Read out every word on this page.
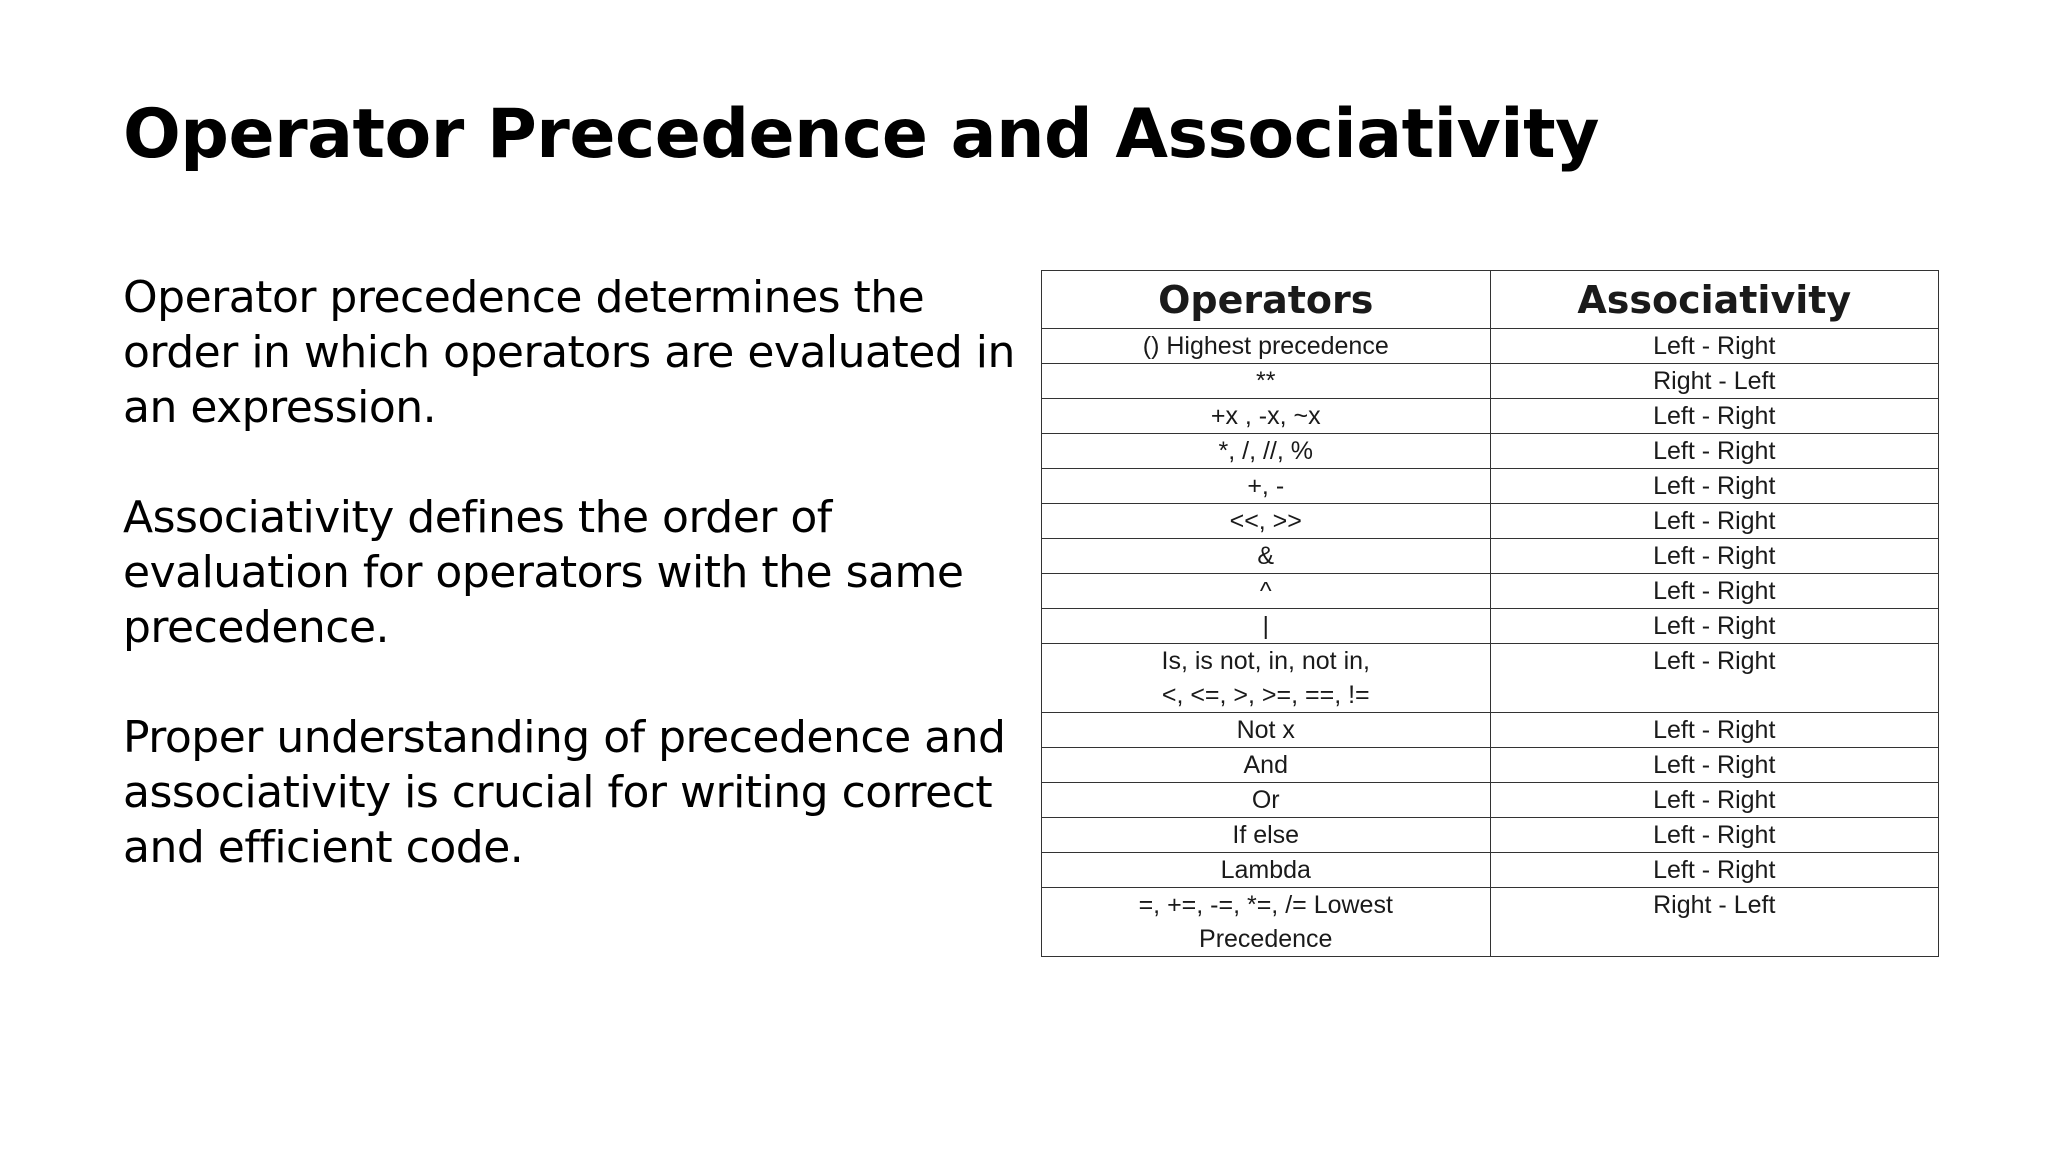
Operator Precedence and Associativity

Operator precedence determines the order in which operators are evaluated in an expression.

Associativity defines the order of evaluation for operators with the same precedence.

Proper understanding of precedence and associativity is crucial for writing correct and efficient code.

Operators	Associativity
() Highest precedence	Left - Right
**	Right - Left
+x , -x, ~x	Left - Right
*, /, //, %	Left - Right
+, -	Left - Right
<<, >>	Left - Right
&	Left - Right
^	Left - Right
|	Left - Right
Is, is not, in, not in,
<, <=, >, >=, ==, !=	Left - Right
Not x	Left - Right
And	Left - Right
Or	Left - Right
If else	Left - Right
Lambda	Left - Right
=, +=, -=, *=, /= Lowest
Precedence	Right - Left
